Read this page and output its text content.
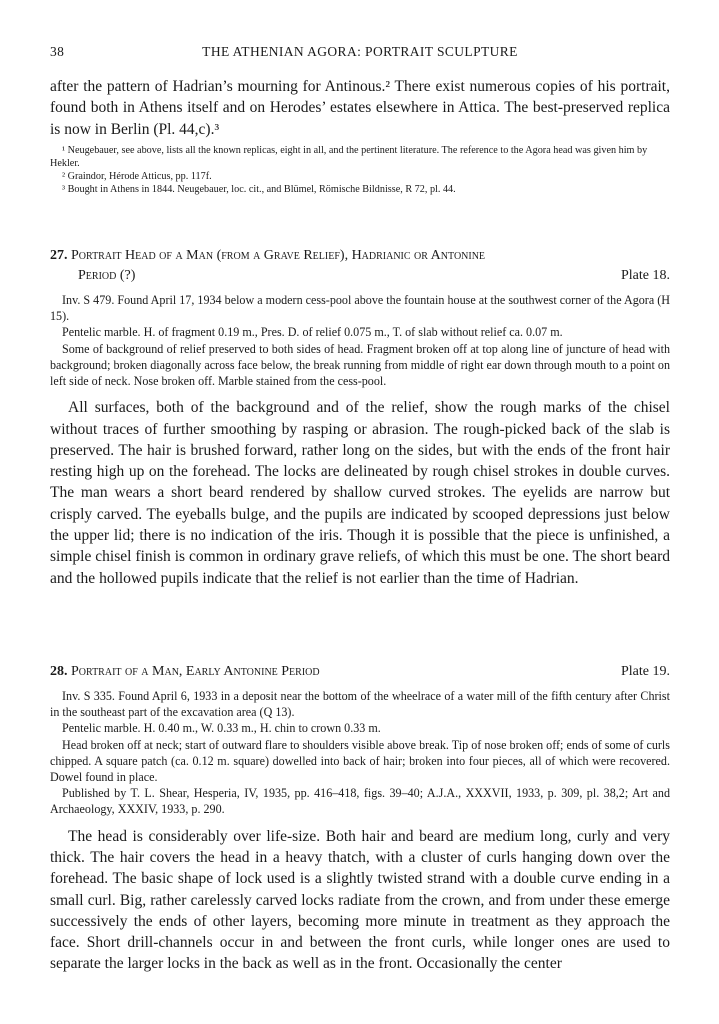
38	THE ATHENIAN AGORA: PORTRAIT SCULPTURE

after the pattern of Hadrian’s mourning for Antinous.² There exist numerous copies of his portrait, found both in Athens itself and on Herodes’ estates elsewhere in Attica. The best-preserved replica is now in Berlin (Pl. 44,c).³

¹ Neugebauer, see above, lists all the known replicas, eight in all, and the pertinent literature. The reference to the Agora head was given him by Hekler.

² Graindor, Hérode Atticus, pp. 117f.

³ Bought in Athens in 1844. Neugebauer, loc. cit., and Blümel, Römische Bildnisse, R 72, pl. 44.

27. Portrait Head of a Man (from a Grave Relief), Hadrianic or Antonine
Period (?)	Plate 18.

Inv. S 479. Found April 17, 1934 below a modern cess-pool above the fountain house at the southwest corner of the Agora (H 15).

Pentelic marble. H. of fragment 0.19 m., Pres. D. of relief 0.075 m., T. of slab without relief ca. 0.07 m.

Some of background of relief preserved to both sides of head. Fragment broken off at top along line of juncture of head with background; broken diagonally across face below, the break running from middle of right ear down through mouth to a point on left side of neck. Nose broken off. Marble stained from the cess-pool.

All surfaces, both of the background and of the relief, show the rough marks of the chisel without traces of further smoothing by rasping or abrasion. The rough-picked back of the slab is preserved. The hair is brushed forward, rather long on the sides, but with the ends of the front hair resting high up on the forehead. The locks are delineated by rough chisel strokes in double curves. The man wears a short beard rendered by shallow curved strokes. The eyelids are narrow but crisply carved. The eyeballs bulge, and the pupils are indicated by scooped depressions just below the upper lid; there is no indication of the iris. Though it is possible that the piece is unfinished, a simple chisel finish is common in ordinary grave reliefs, of which this must be one. The short beard and the hollowed pupils indicate that the relief is not earlier than the time of Hadrian.

28. Portrait of a Man, Early Antonine Period	Plate 19.

Inv. S 335. Found April 6, 1933 in a deposit near the bottom of the wheelrace of a water mill of the fifth century after Christ in the southeast part of the excavation area (Q 13).

Pentelic marble. H. 0.40 m., W. 0.33 m., H. chin to crown 0.33 m.

Head broken off at neck; start of outward flare to shoulders visible above break. Tip of nose broken off; ends of some of curls chipped. A square patch (ca. 0.12 m. square) dowelled into back of hair; broken into four pieces, all of which were recovered. Dowel found in place.

Published by T. L. Shear, Hesperia, IV, 1935, pp. 416–418, figs. 39–40; A.J.A., XXXVII, 1933, p. 309, pl. 38,2; Art and Archaeology, XXXIV, 1933, p. 290.

The head is considerably over life-size. Both hair and beard are medium long, curly and very thick. The hair covers the head in a heavy thatch, with a cluster of curls hanging down over the forehead. The basic shape of lock used is a slightly twisted strand with a double curve ending in a small curl. Big, rather carelessly carved locks radiate from the crown, and from under these emerge successively the ends of other layers, becoming more minute in treatment as they approach the face. Short drill-channels occur in and between the front curls, while longer ones are used to separate the larger locks in the back as well as in the front. Occasionally the center
